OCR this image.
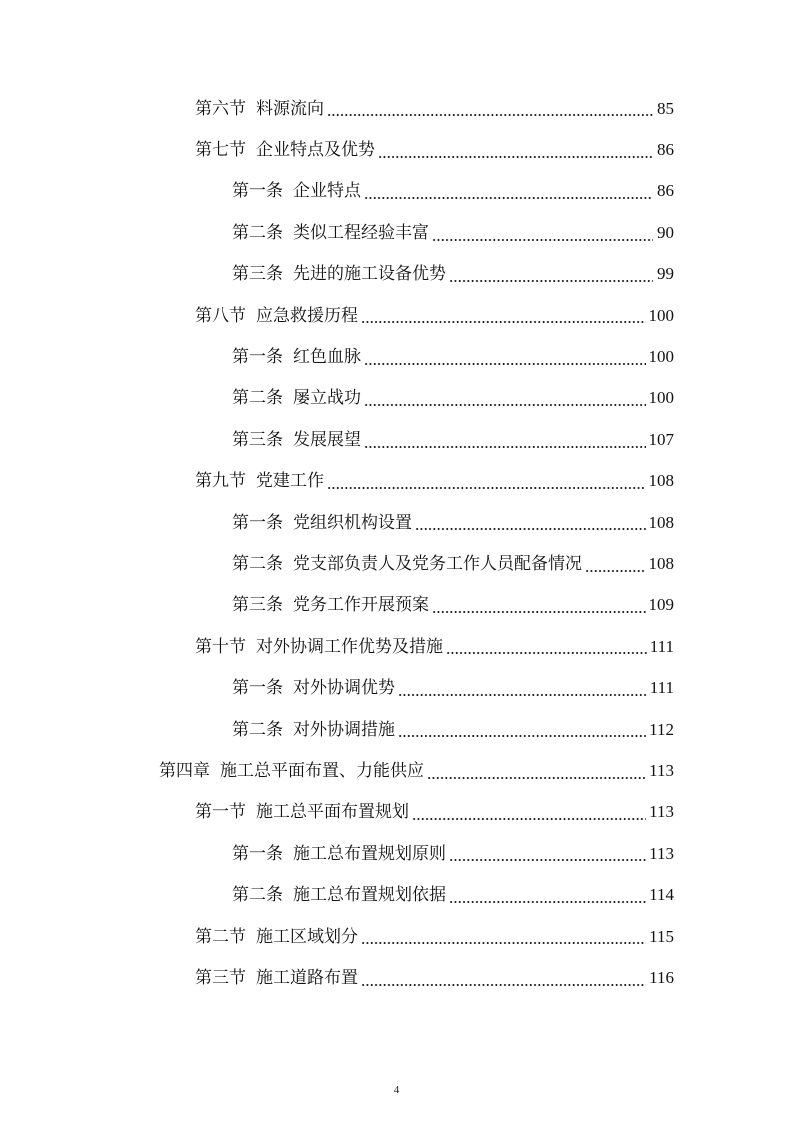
第六节 料源流向	85
第七节 企业特点及优势	86
第一条 企业特点	86
第二条 类似工程经验丰富	90
第三条 先进的施工设备优势	99
第八节 应急救援历程	100
第一条 红色血脉	100
第二条 屡立战功	100
第三条 发展展望	107
第九节 党建工作	108
第一条 党组织机构设置	108
第二条 党支部负责人及党务工作人员配备情况	108
第三条 党务工作开展预案	109
第十节 对外协调工作优势及措施	111
第一条 对外协调优势	111
第二条 对外协调措施	112
第四章 施工总平面布置、力能供应	113
第一节 施工总平面布置规划	113
第一条 施工总布置规划原则	113
第二条 施工总布置规划依据	114
第二节 施工区域划分	115
第三节 施工道路布置	116
4
